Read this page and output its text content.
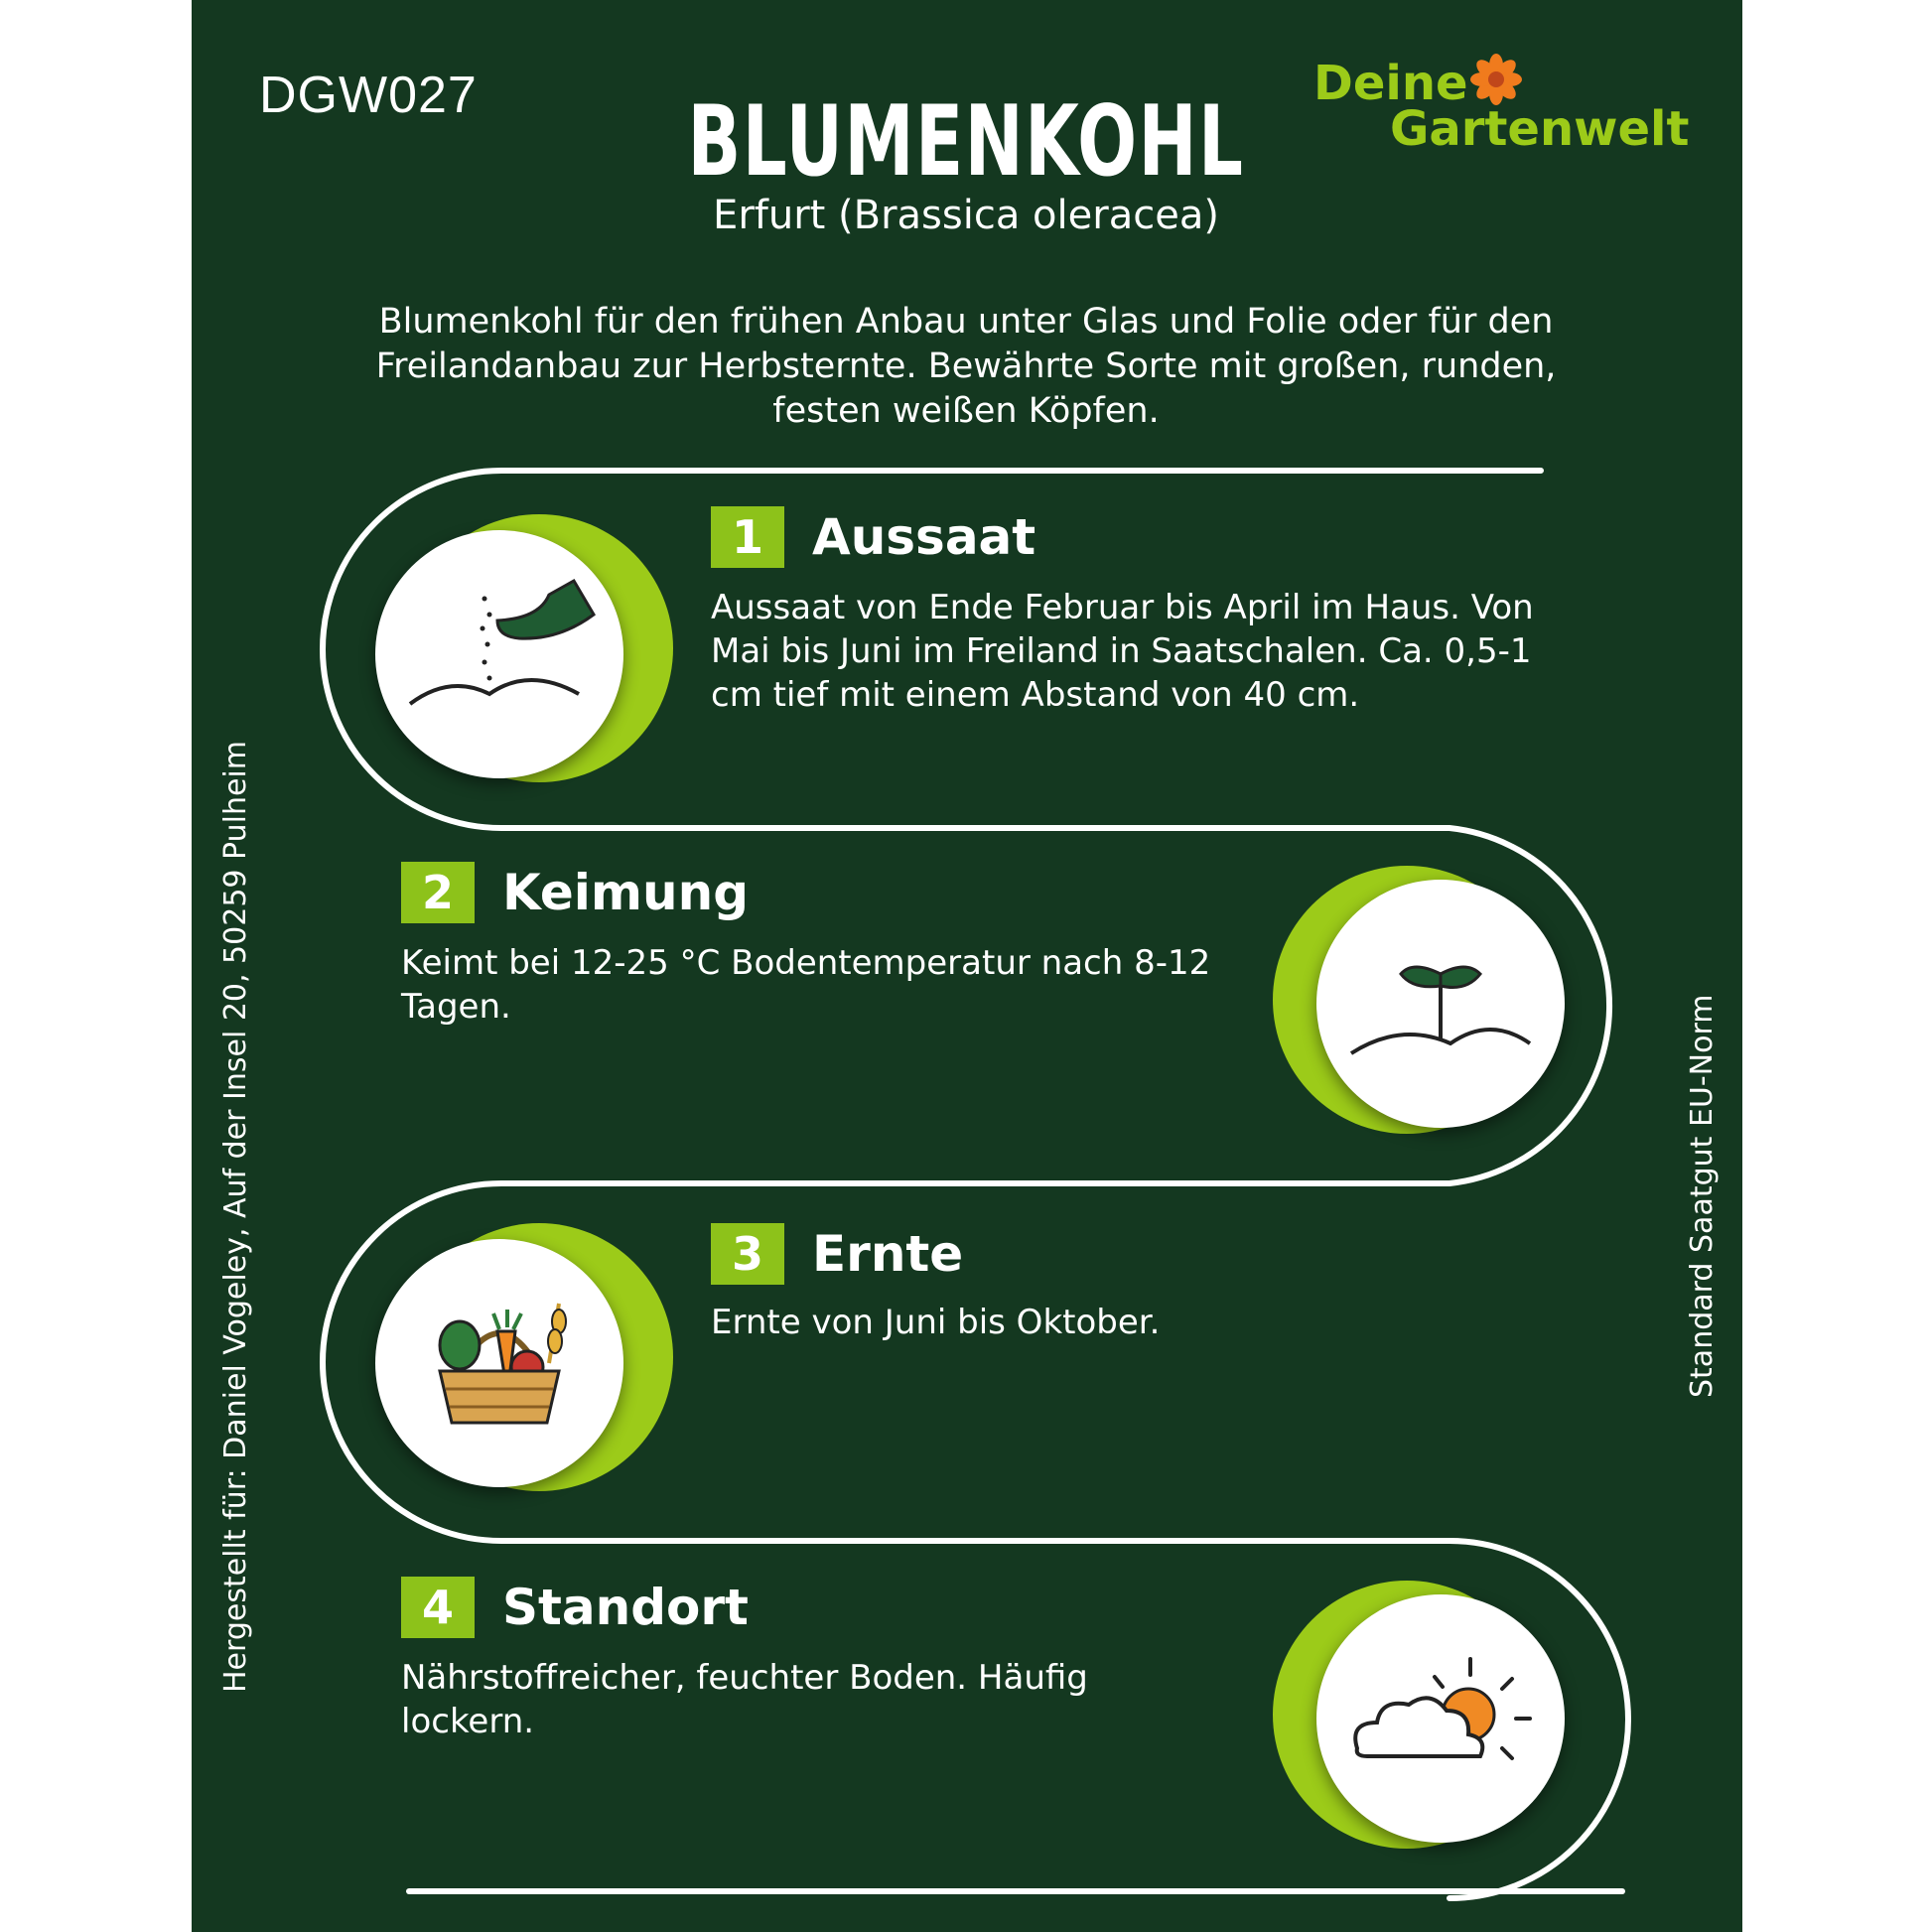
DGW027	Deine
Gartenwelt
BLUMENKOHL
Erfurt (Brassica oleracea)
Blumenkohl für den frühen Anbau unter Glas und Folie oder für den Freilandanbau zur Herbsternte. Bewährte Sorte mit großen, runden, festen weißen Köpfen.
Hergestellt für: Daniel Vogeley, Auf der Insel 20, 50259 Pulheim	Standard Saatgut EU-Norm
1 Aussaat
Aussaat von Ende Februar bis April im Haus. Von Mai bis Juni im Freiland in Saatschalen. Ca. 0,5-1 cm tief mit einem Abstand von 40 cm.
2 Keimung
Keimt bei 12-25 °C Bodentemperatur nach 8-12 Tagen.
3 Ernte
Ernte von Juni bis Oktober.
4 Standort
Nährstoffreicher, feuchter Boden. Häufig lockern.
